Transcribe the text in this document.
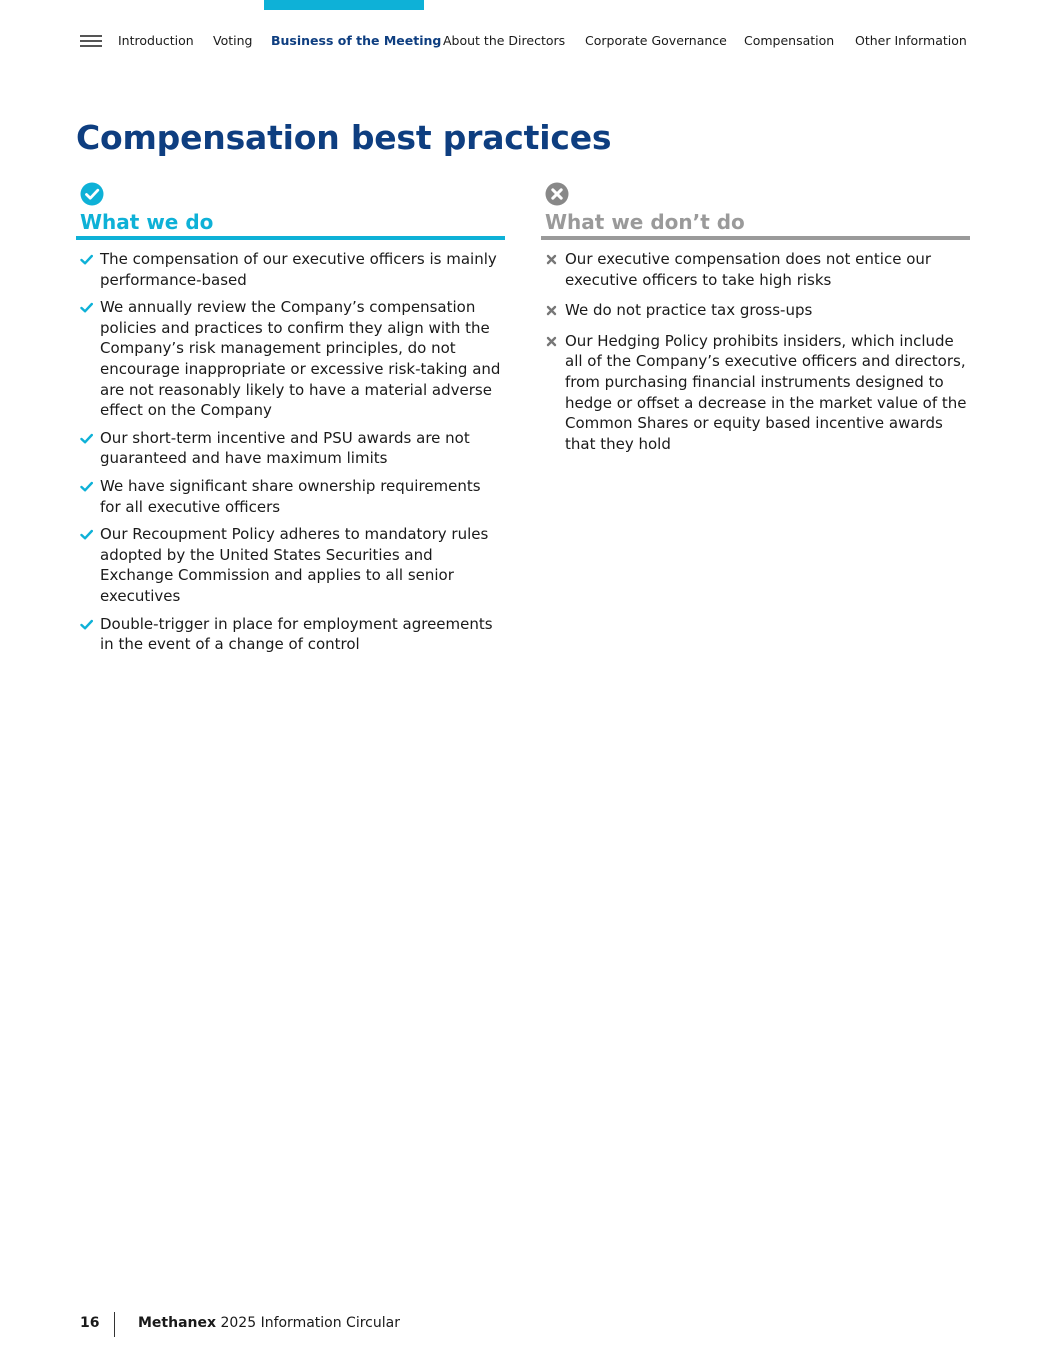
Introduction Voting Business of the Meeting About the Directors Corporate Governance Compensation Other Information
Compensation best practices
What we do
The compensation of our executive officers is mainly performance-based
We annually review the Company’s compensation policies and practices to confirm they align with the Company’s risk management principles, do not encourage inappropriate or excessive risk-taking and are not reasonably likely to have a material adverse effect on the Company
Our short-term incentive and PSU awards are not guaranteed and have maximum limits
We have significant share ownership requirements for all executive officers
Our Recoupment Policy adheres to mandatory rules adopted by the United States Securities and Exchange Commission and applies to all senior executives
Double-trigger in place for employment agreements in the event of a change of control
What we don’t do
Our executive compensation does not entice our executive officers to take high risks
We do not practice tax gross-ups
Our Hedging Policy prohibits insiders, which include all of the Company’s executive officers and directors, from purchasing financial instruments designed to hedge or offset a decrease in the market value of the Common Shares or equity based incentive awards that they hold
16	Methanex 2025 Information Circular
